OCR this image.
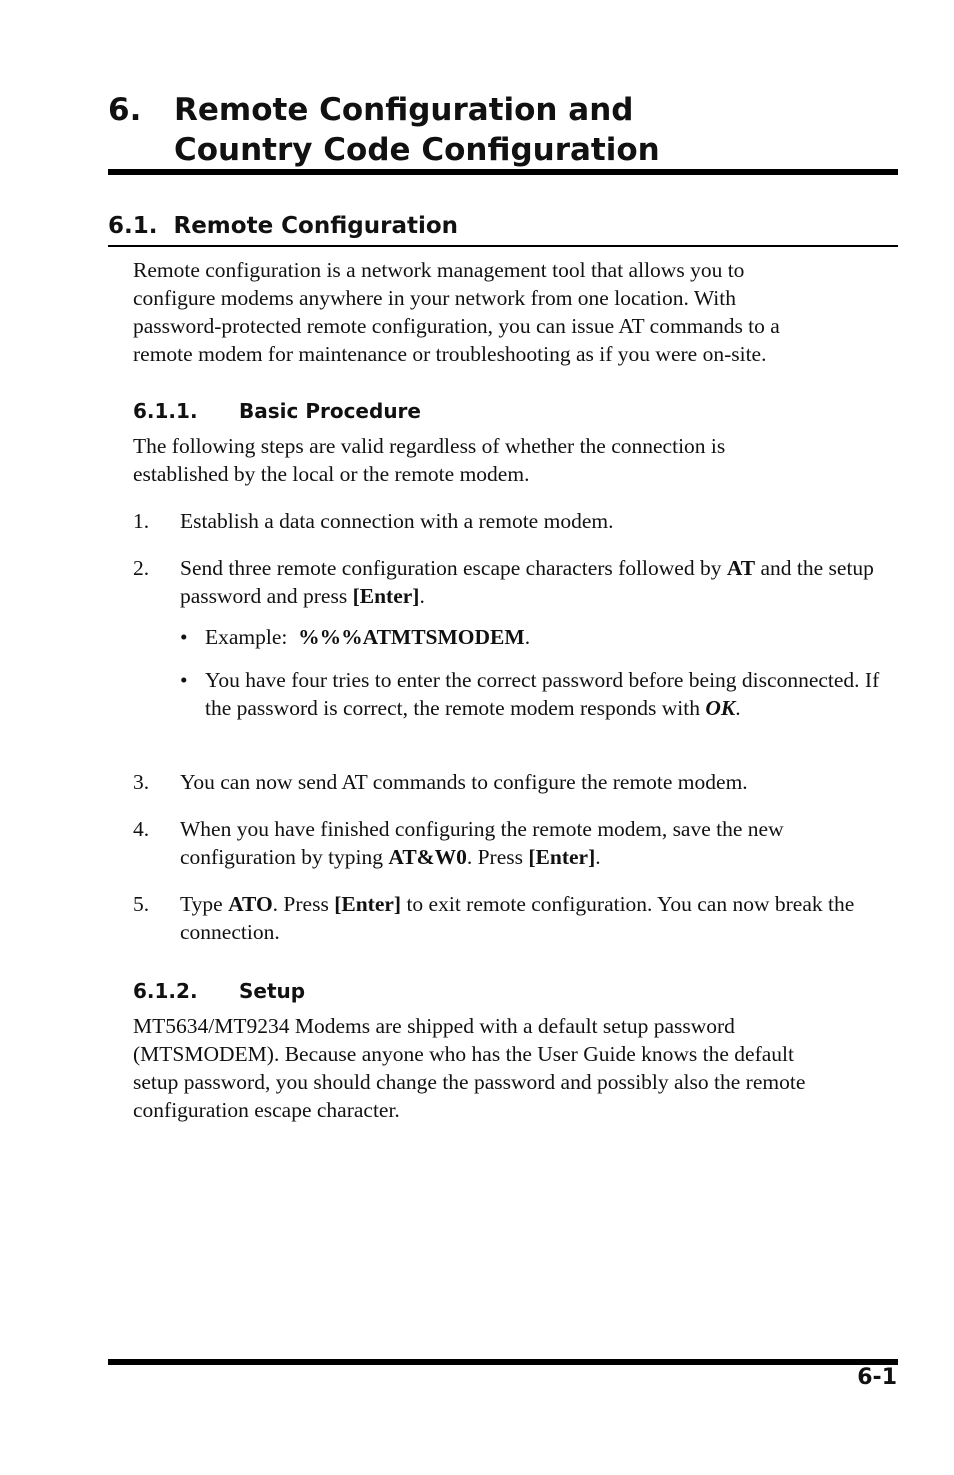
6. Remote Configuration and
Country Code Configuration
6.1.  Remote Configuration
Remote configuration is a network management tool that allows you to
configure modems anywhere in your network from one location. With
password-protected remote configuration, you can issue AT commands to a
remote modem for maintenance or troubleshooting as if you were on-site.
6.1.1. Basic Procedure
The following steps are valid regardless of whether the connection is
established by the local or the remote modem.
1. Establish a data connection with a remote modem.
2. Send three remote configuration escape characters followed by AT and the setup password and press [Enter].
• Example:  %%%ATMTSMODEM.
• You have four tries to enter the correct password before being disconnected. If the password is correct, the remote modem responds with OK.
3. You can now send AT commands to configure the remote modem.
4. When you have finished configuring the remote modem, save the new configuration by typing AT&W0. Press [Enter].
5. Type ATO. Press [Enter] to exit remote configuration. You can now break the connection.
6.1.2. Setup
MT5634/MT9234 Modems are shipped with a default setup password
(MTSMODEM). Because anyone who has the User Guide knows the default
setup password, you should change the password and possibly also the remote
configuration escape character.
6-1
